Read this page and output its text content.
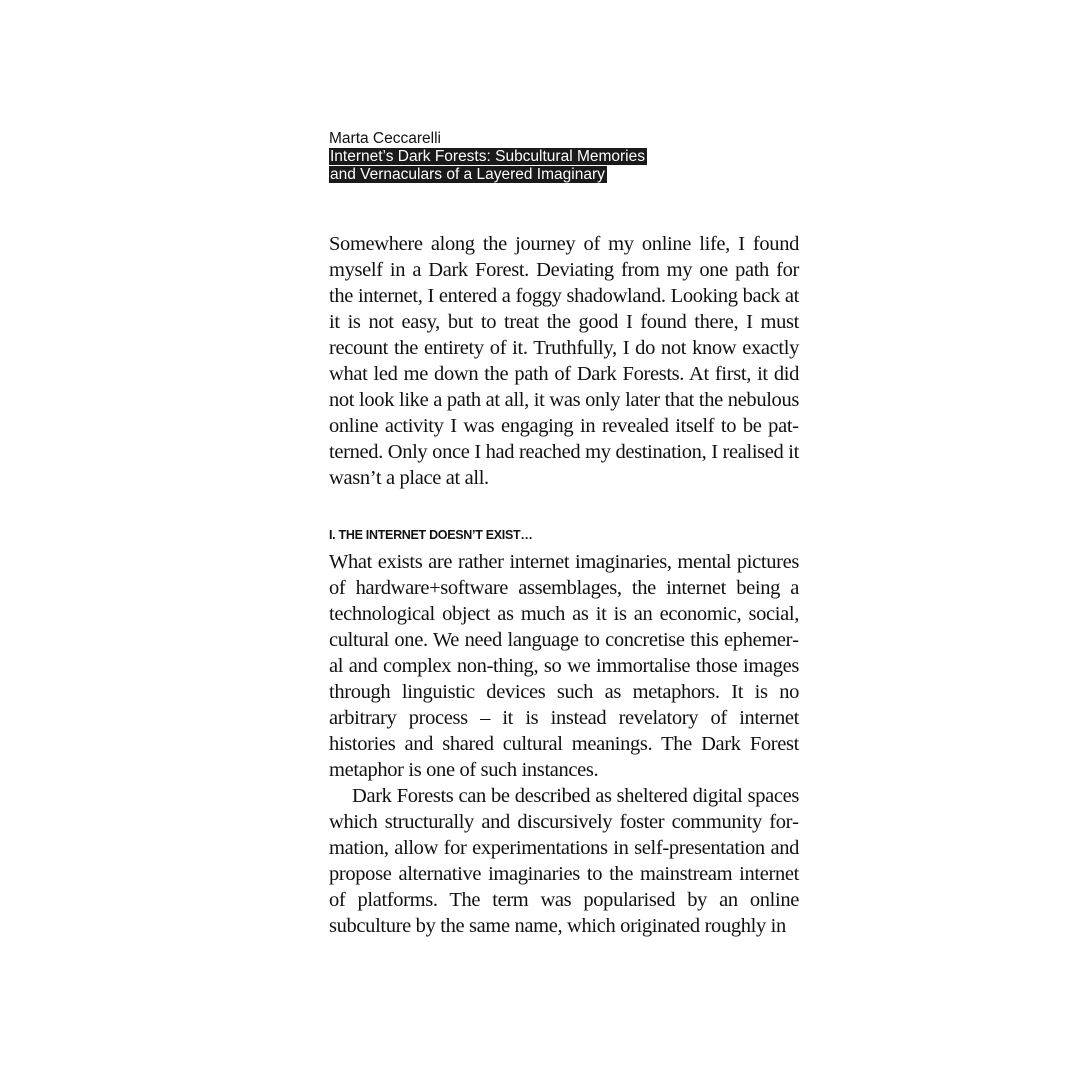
Marta Ceccarelli

Internet’s Dark Forests: Subcultural Memories
and Vernaculars of a Layered Imaginary

Somewhere along the journey of my online life, I found myself in a Dark Forest. Deviating from my one path for the internet, I entered a foggy shadowland. Looking back at it is not easy, but to treat the good I found there, I must recount the entirety of it. Truthfully, I do not know exactly what led me down the path of Dark Forests. At first, it did not look like a path at all, it was only later that the nebulous online activity I was engaging in revealed itself to be patterned. Only once I had reached my destination, I realised it wasn’t a place at all.

I. THE INTERNET DOESN’T EXIST…

What exists are rather internet imaginaries, mental pictures of hardware+software assemblages, the internet being a technological object as much as it is an economic, social, cultural one. We need language to concretise this ephemeral and complex non-thing, so we immortalise those images through linguistic devices such as metaphors. It is no arbitrary process – it is instead revelatory of internet histories and shared cultural meanings. The Dark Forest metaphor is one of such instances.

Dark Forests can be described as sheltered digital spaces which structurally and discursively foster community formation, allow for experimentations in self-presentation and propose alternative imaginaries to the mainstream internet of platforms. The term was popularised by an online subculture by the same name, which originated roughly in
